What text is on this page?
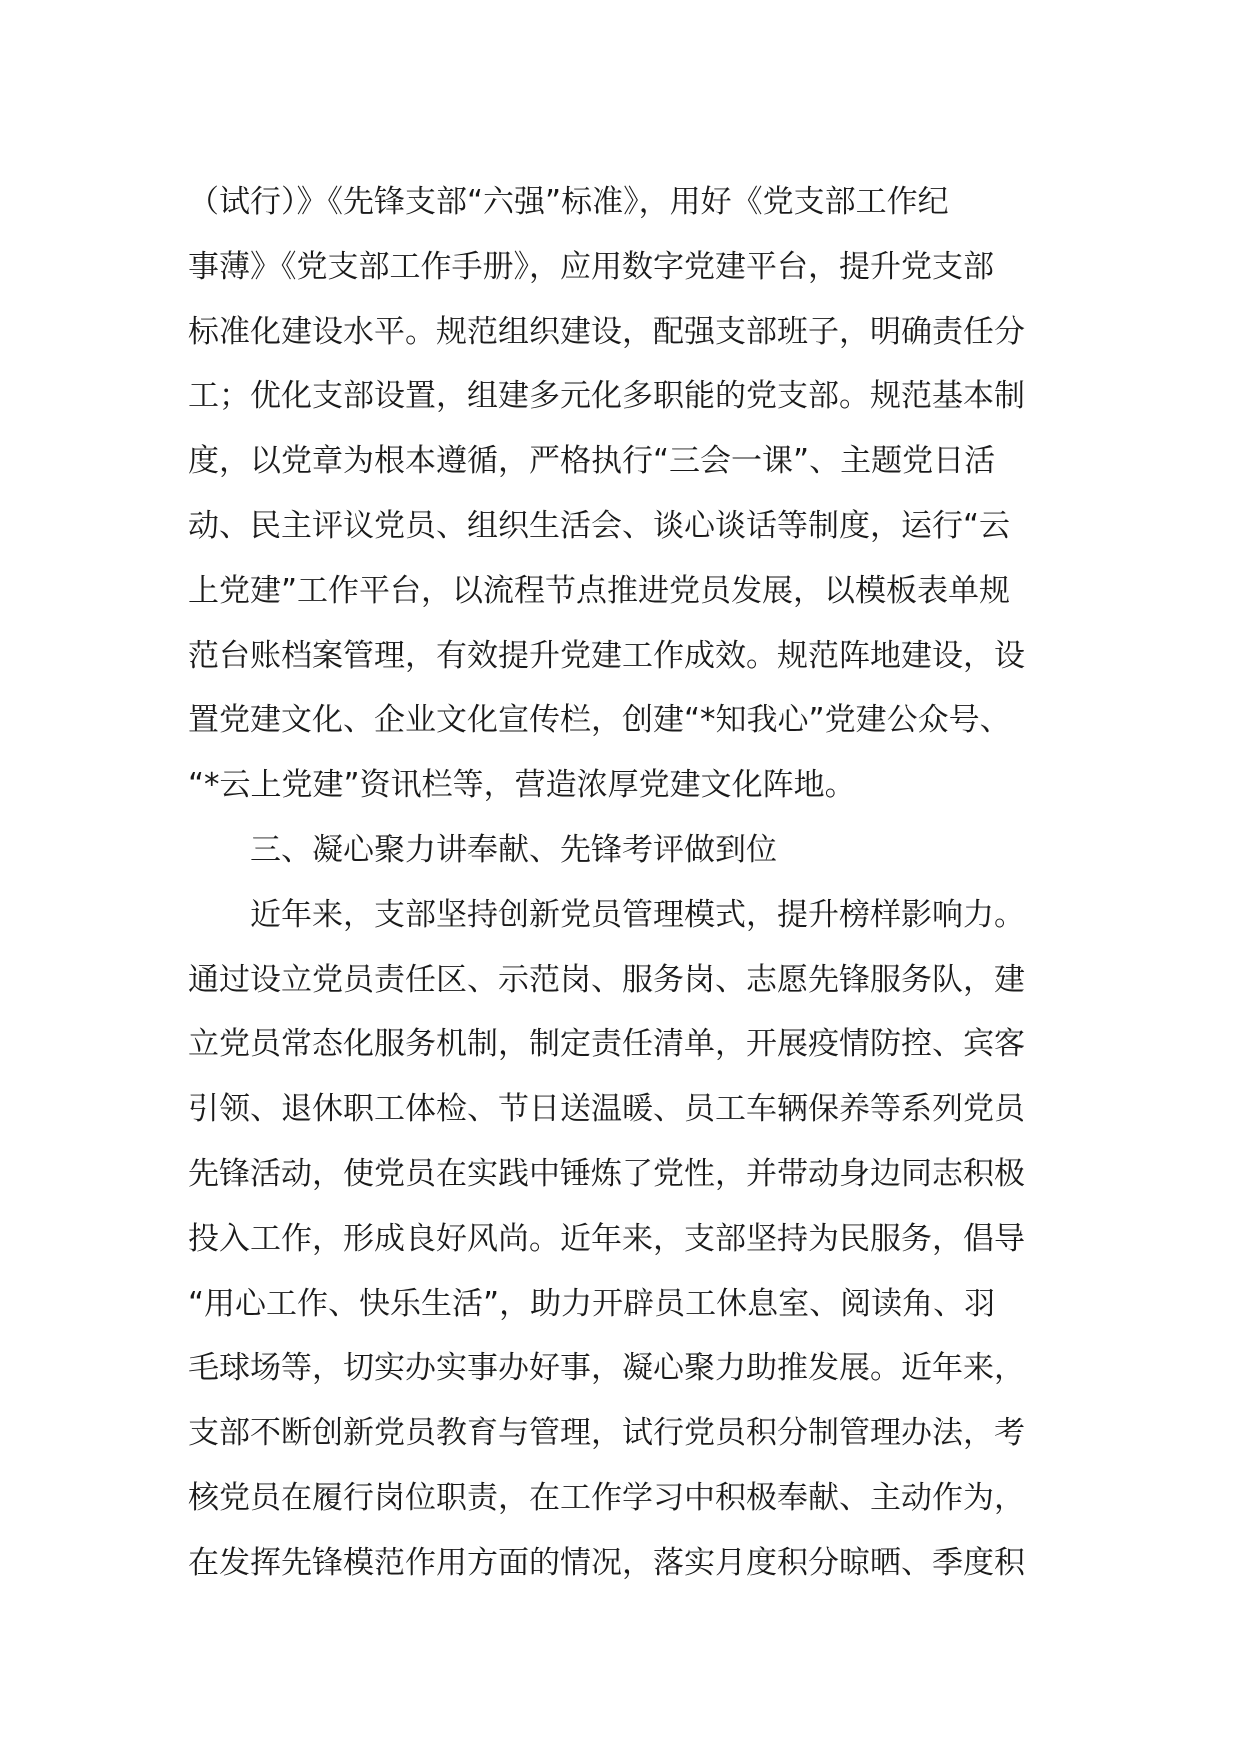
（试行）》《先锋支部“六强”标准》，用好《党支部工作纪
事薄》《党支部工作手册》，应用数字党建平台，提升党支部
标准化建设水平。规范组织建设，配强支部班子，明确责任分
工；优化支部设置，组建多元化多职能的党支部。规范基本制
度，以党章为根本遵循，严格执行“三会一课”、主题党日活
动、民主评议党员、组织生活会、谈心谈话等制度，运行“云
上党建”工作平台，以流程节点推进党员发展，以模板表单规
范台账档案管理，有效提升党建工作成效。规范阵地建设，设
置党建文化、企业文化宣传栏，创建“*知我心”党建公众号、
“*云上党建”资讯栏等，营造浓厚党建文化阵地。
三、凝心聚力讲奉献、先锋考评做到位
近年来，支部坚持创新党员管理模式，提升榜样影响力。
通过设立党员责任区、示范岗、服务岗、志愿先锋服务队，建
立党员常态化服务机制，制定责任清单，开展疫情防控、宾客
引领、退休职工体检、节日送温暖、员工车辆保养等系列党员
先锋活动，使党员在实践中锤炼了党性，并带动身边同志积极
投入工作，形成良好风尚。近年来，支部坚持为民服务，倡导
“用心工作、快乐生活”，助力开辟员工休息室、阅读角、羽
毛球场等，切实办实事办好事，凝心聚力助推发展。近年来，
支部不断创新党员教育与管理，试行党员积分制管理办法，考
核党员在履行岗位职责，在工作学习中积极奉献、主动作为，
在发挥先锋模范作用方面的情况，落实月度积分晾晒、季度积
